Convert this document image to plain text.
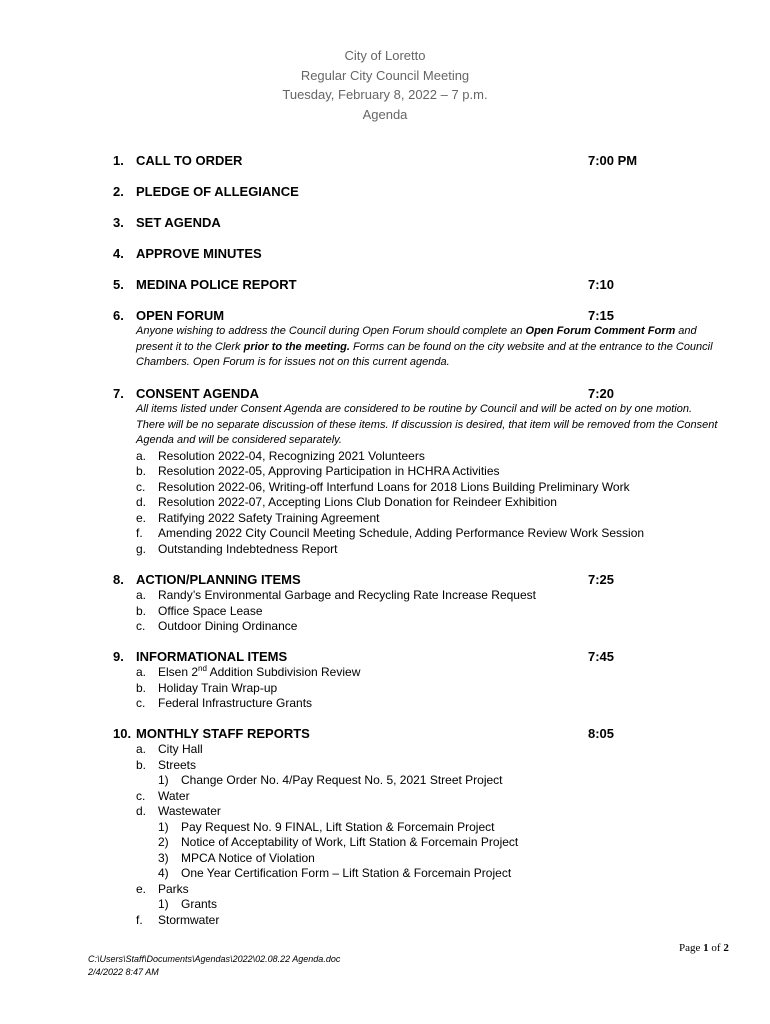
City of Loretto
Regular City Council Meeting
Tuesday, February 8, 2022 – 7 p.m.
Agenda
1. CALL TO ORDER	7:00 PM
2. PLEDGE OF ALLEGIANCE
3. SET AGENDA
4. APPROVE MINUTES
5. MEDINA POLICE REPORT	7:10
6. OPEN FORUM	7:15
Anyone wishing to address the Council during Open Forum should complete an Open Forum Comment Form and present it to the Clerk prior to the meeting. Forms can be found on the city website and at the entrance to the Council Chambers. Open Forum is for issues not on this current agenda.
7. CONSENT AGENDA	7:20
All items listed under Consent Agenda are considered to be routine by Council and will be acted on by one motion. There will be no separate discussion of these items. If discussion is desired, that item will be removed from the Consent Agenda and will be considered separately.
a. Resolution 2022-04, Recognizing 2021 Volunteers
b. Resolution 2022-05, Approving Participation in HCHRA Activities
c. Resolution 2022-06, Writing-off Interfund Loans for 2018 Lions Building Preliminary Work
d. Resolution 2022-07, Accepting Lions Club Donation for Reindeer Exhibition
e. Ratifying 2022 Safety Training Agreement
f. Amending 2022 City Council Meeting Schedule, Adding Performance Review Work Session
g. Outstanding Indebtedness Report
8. ACTION/PLANNING ITEMS	7:25
a. Randy’s Environmental Garbage and Recycling Rate Increase Request
b. Office Space Lease
c. Outdoor Dining Ordinance
9. INFORMATIONAL ITEMS	7:45
a. Elsen 2nd Addition Subdivision Review
b. Holiday Train Wrap-up
c. Federal Infrastructure Grants
10. MONTHLY STAFF REPORTS	8:05
a. City Hall
b. Streets
1) Change Order No. 4/Pay Request No. 5, 2021 Street Project
c. Water
d. Wastewater
1) Pay Request No. 9 FINAL, Lift Station & Forcemain Project
2) Notice of Acceptability of Work, Lift Station & Forcemain Project
3) MPCA Notice of Violation
4) One Year Certification Form – Lift Station & Forcemain Project
e. Parks
1) Grants
f. Stormwater
Page 1 of 2
C:\Users\Staff\Documents\Agendas\2022\02.08.22 Agenda.doc
2/4/2022 8:47 AM
